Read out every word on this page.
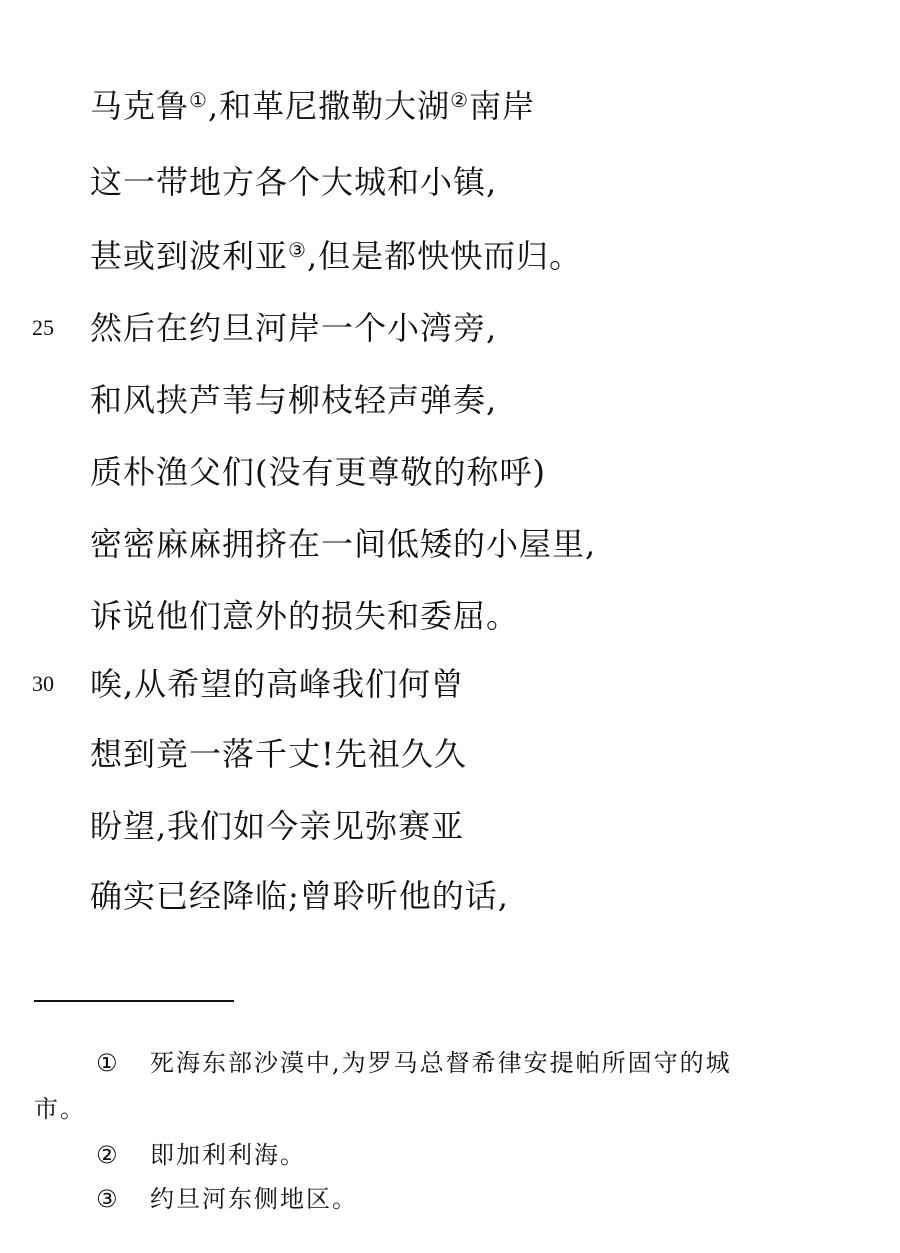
马克鲁①,和革尼撒勒大湖②南岸
这一带地方各个大城和小镇,
甚或到波利亚③,但是都怏怏而归。
25 然后在约旦河岸一个小湾旁,
和风挟芦苇与柳枝轻声弹奏,
质朴渔父们(没有更尊敬的称呼)
密密麻麻拥挤在一间低矮的小屋里,
诉说他们意外的损失和委屈。
30 唉,从希望的高峰我们何曾
想到竟一落千丈!先祖久久
盼望,我们如今亲见弥赛亚
确实已经降临;曾聆听他的话,
① 死海东部沙漠中,为罗马总督希律安提帕所固守的城
市。
② 即加利利海。
③ 约旦河东侧地区。
